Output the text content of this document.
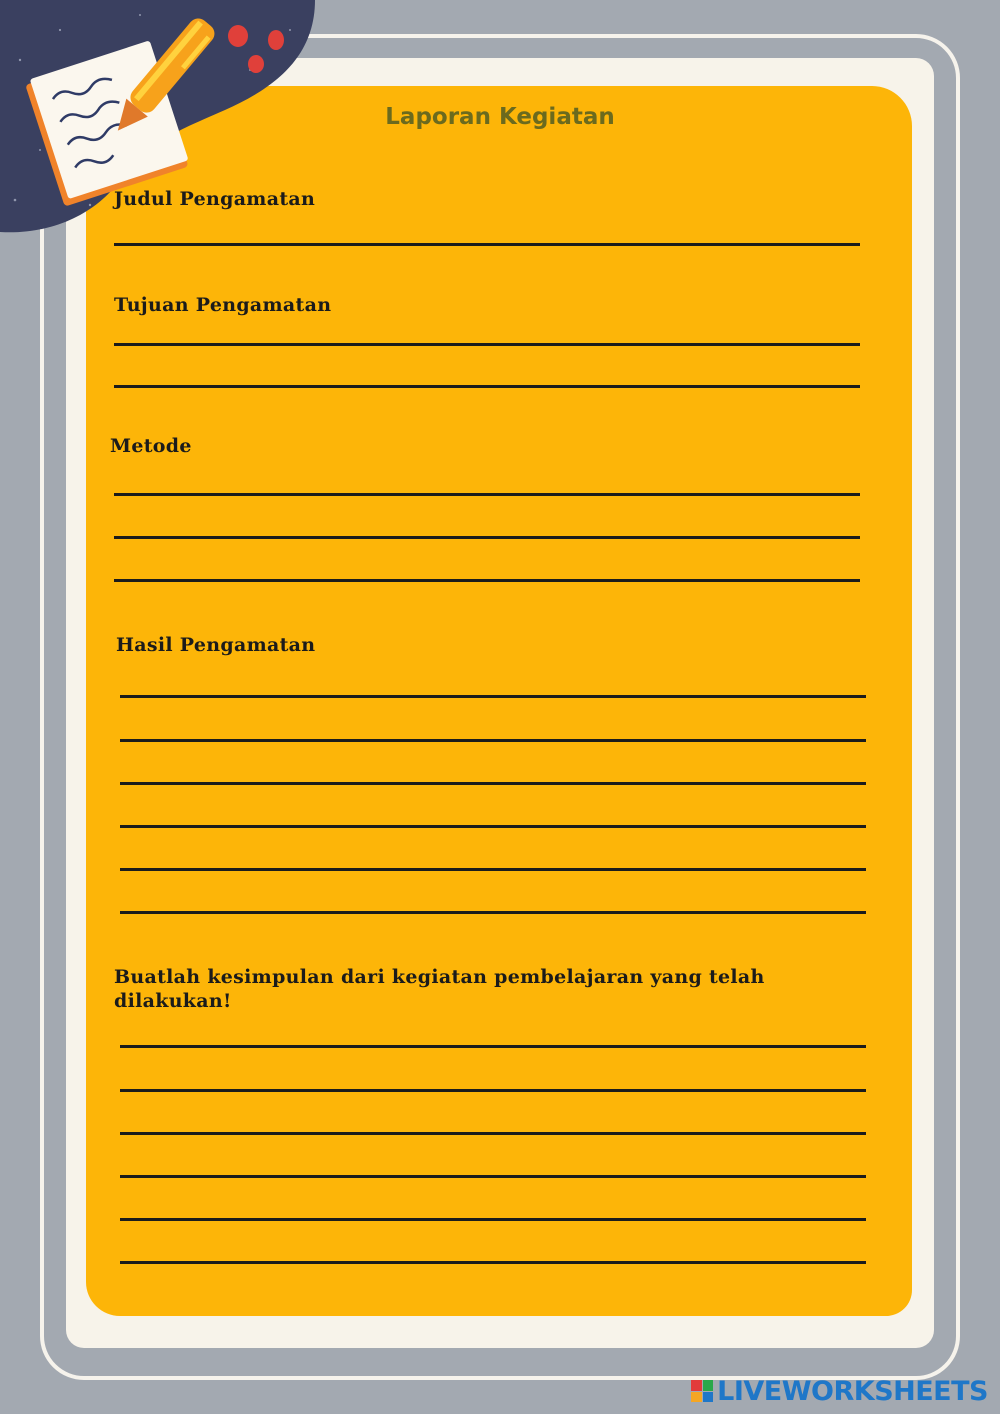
Laporan Kegiatan
Judul Pengamatan
Tujuan Pengamatan
Metode
Hasil Pengamatan
Buatlah kesimpulan dari kegiatan pembelajaran yang telah dilakukan!
LIVEWORKSHEETS
